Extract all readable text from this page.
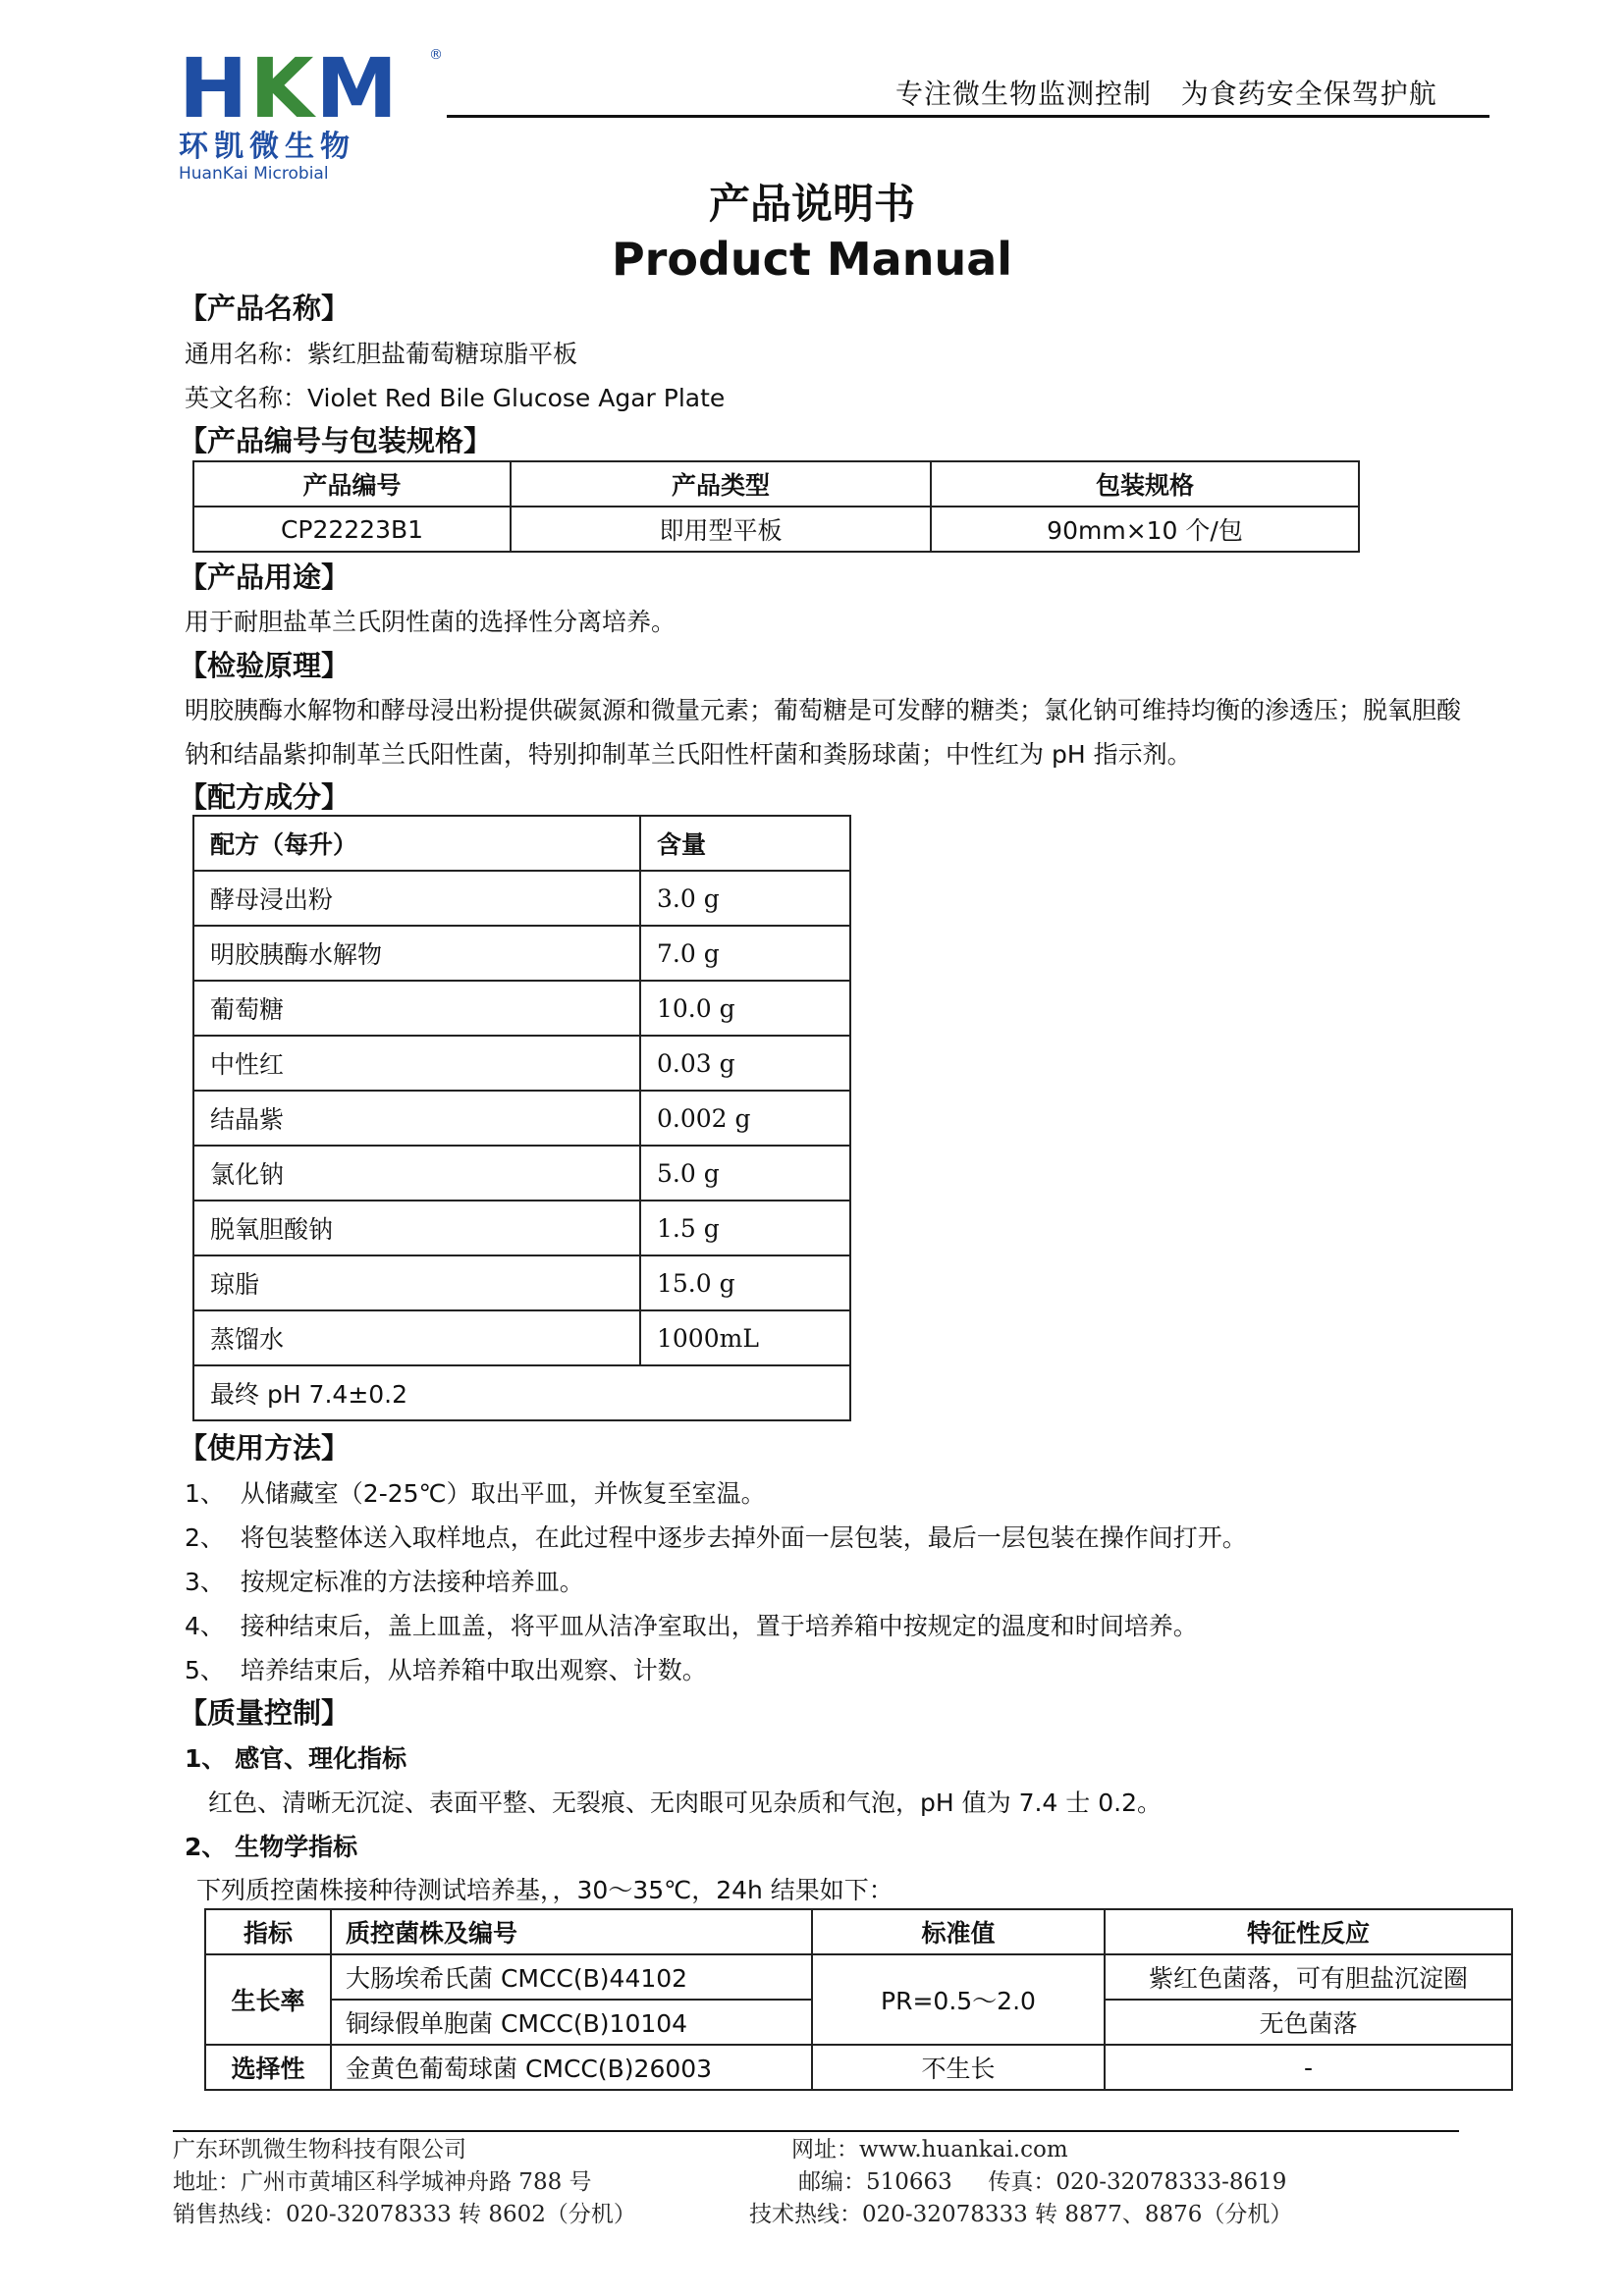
HKM ®
环凯微生物
HuanKai Microbial
专注微生物监测控制   为食药安全保驾护航
产品说明书
Product Manual
【产品名称】
通用名称：紫红胆盐葡萄糖琼脂平板
英文名称：Violet Red Bile Glucose Agar Plate
【产品编号与包装规格】
产品编号	产品类型	包装规格
CP22223B1	即用型平板	90mm×10 个/包
【产品用途】
用于耐胆盐革兰氏阴性菌的选择性分离培养。
【检验原理】
明胶胰酶水解物和酵母浸出粉提供碳氮源和微量元素；葡萄糖是可发酵的糖类；氯化钠可维持均衡的渗透压；脱氧胆酸
钠和结晶紫抑制革兰氏阳性菌，特别抑制革兰氏阳性杆菌和粪肠球菌；中性红为 pH 指示剂。
【配方成分】
配方（每升）	含量
酵母浸出粉	3.0 g
明胶胰酶水解物	7.0 g
葡萄糖	10.0 g
中性红	0.03 g
结晶紫	0.002 g
氯化钠	5.0 g
脱氧胆酸钠	1.5 g
琼脂	15.0 g
蒸馏水	1000mL
最终 pH 7.4±0.2	
【使用方法】
1、  从储藏室（2-25℃）取出平皿，并恢复至室温。
2、  将包装整体送入取样地点，在此过程中逐步去掉外面一层包装，最后一层包装在操作间打开。
3、  按规定标准的方法接种培养皿。
4、  接种结束后，盖上皿盖，将平皿从洁净室取出，置于培养箱中按规定的温度和时间培养。
5、  培养结束后，从培养箱中取出观察、计数。
【质量控制】
1、 感官、理化指标
红色、清晰无沉淀、表面平整、无裂痕、无肉眼可见杂质和气泡，pH 值为 7.4 士 0.2。
2、 生物学指标
下列质控菌株接种待测试培养基，，30～35℃，24h 结果如下：
指标	质控菌株及编号	标准值	特征性反应
生长率	大肠埃希氏菌 CMCC(B)44102	PR=0.5～2.0	紫红色菌落，可有胆盐沉淀圈
	铜绿假单胞菌 CMCC(B)10104		无色菌落
选择性	金黄色葡萄球菌 CMCC(B)26003	不生长	-
广东环凯微生物科技有限公司	网址：www.huankai.com
地址：广州市黄埔区科学城神舟路 788 号	邮编：510663     传真：020-32078333-8619
销售热线：020-32078333 转 8602（分机）	技术热线：020-32078333 转 8877、8876（分机）
